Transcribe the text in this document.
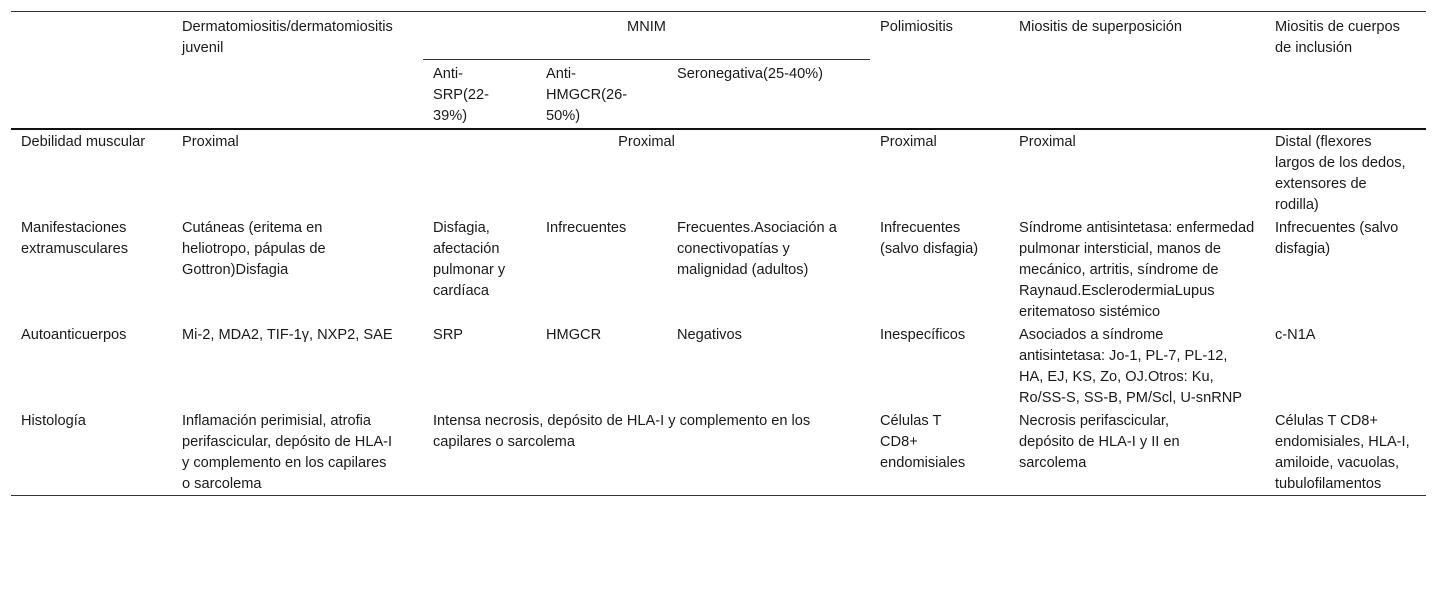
	Dermatomiositis/dermatomiositis juvenil	MNIM			Polimiositis	Miositis de superposición	Miositis de cuerpos de inclusión
		Anti-SRP(22-39%)	Anti-HMGCR(26-50%)	Seronegativa(25-40%)			
Debilidad muscular	Proximal	Proximal			Proximal	Proximal	Distal (flexores largos de los dedos, extensores de rodilla)
Manifestaciones extramusculares	Cutáneas (eritema en heliotropo, pápulas de Gottron)Disfagia	Disfagia, afectación pulmonar y cardíaca	Infrecuentes	Frecuentes.Asociación a conectivopatías y malignidad (adultos)	Infrecuentes (salvo disfagia)	Síndrome antisintetasa: enfermedad pulmonar intersticial, manos de mecánico, artritis, síndrome de Raynaud.EsclerodermiaLupus eritematoso sistémico	Infrecuentes (salvo disfagia)
Autoanticuerpos	Mi-2, MDA2, TIF-1γ, NXP2, SAE	SRP	HMGCR	Negativos	Inespecíficos	Asociados a síndrome antisintetasa: Jo-1, PL-7, PL-12, HA, EJ, KS, Zo, OJ.Otros: Ku, Ro/SS-S, SS-B, PM/Scl, U-snRNP	c-N1A
Histología	Inflamación perimisial, atrofia perifascicular, depósito de HLA-I y complemento en los capilares o sarcolema	Intensa necrosis, depósito de HLA-I y complemento en los capilares o sarcolema			Células T CD8+ endomisiales	Necrosis perifascicular, depósito de HLA-I y II en sarcolema	Células T CD8+ endomisiales, HLA-I, amiloide, vacuolas, tubulofilamentos
